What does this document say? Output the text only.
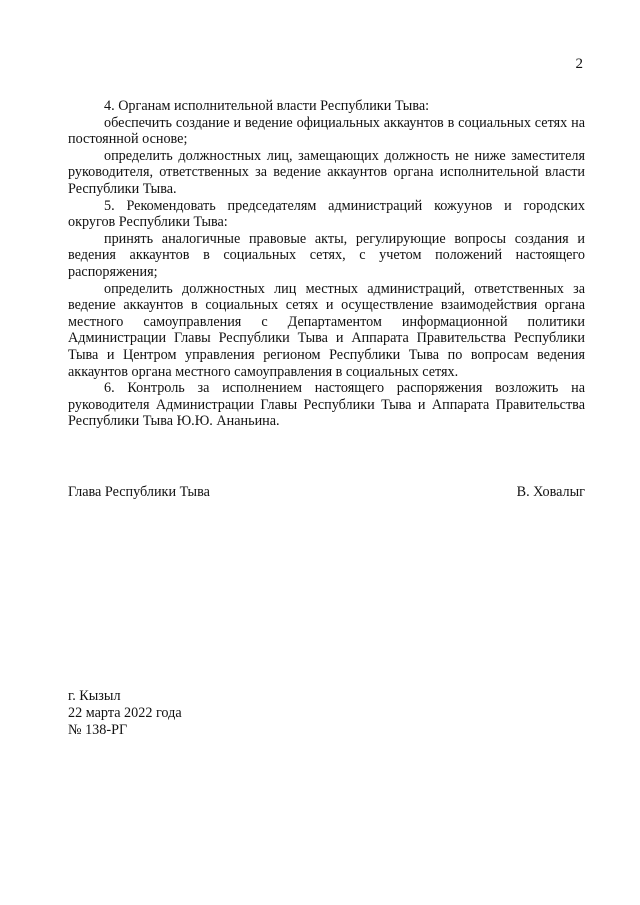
2

4. Органам исполнительной власти Республики Тыва:

обеспечить создание и ведение официальных аккаунтов в социальных сетях на постоянной основе;

определить должностных лиц, замещающих должность не ниже заместителя руководителя, ответственных за ведение аккаунтов органа исполнительной власти Республики Тыва.

5. Рекомендовать председателям администраций кожуунов и городских округов Республики Тыва:

принять аналогичные правовые акты, регулирующие вопросы создания и ведения аккаунтов в социальных сетях, с учетом положений настоящего распоряжения;

определить должностных лиц местных администраций, ответственных за ведение аккаунтов в социальных сетях и осуществление взаимодействия органа местного самоуправления с Департаментом информационной политики Администрации Главы Республики Тыва и Аппарата Правительства Республики Тыва и Центром управления регионом Республики Тыва по вопросам ведения аккаунтов органа местного самоуправления в социальных сетях.

6. Контроль за исполнением настоящего распоряжения возложить на руководителя Администрации Главы Республики Тыва и Аппарата Правительства Республики Тыва Ю.Ю. Ананьина.

Глава Республики Тыва	В. Ховалыг
г. Кызыл
22 марта 2022 года
№ 138-РГ
